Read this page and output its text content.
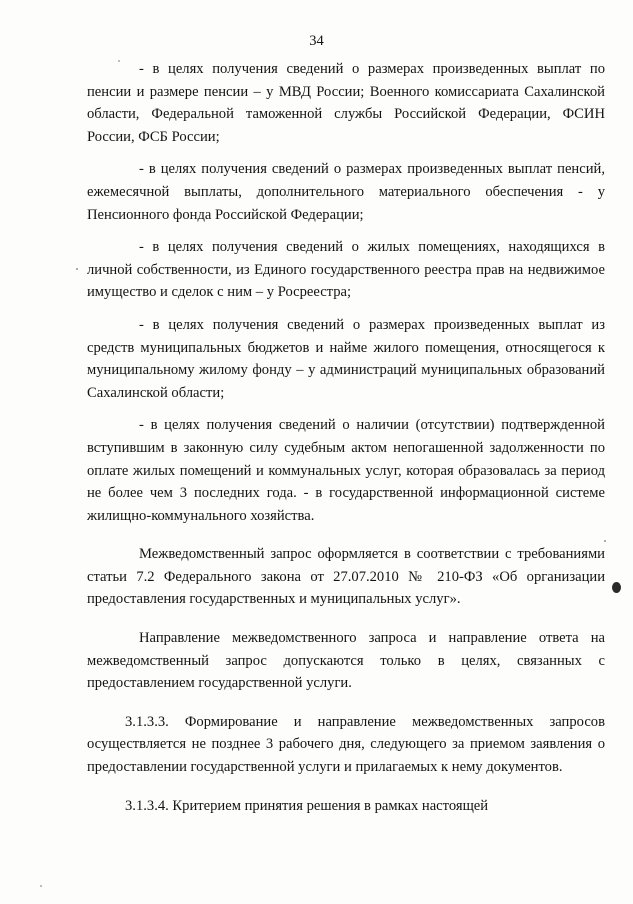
34

- в целях получения сведений о размерах произведенных выплат по пенсии и размере пенсии – у МВД России; Военного комиссариата Сахалинской области, Федеральной таможенной службы Российской Федерации, ФСИН России, ФСБ России;

- в целях получения сведений о размерах произведенных выплат пенсий, ежемесячной выплаты, дополнительного материального обеспечения - у Пенсионного фонда Российской Федерации;

- в целях получения сведений о жилых помещениях, находящихся в личной собственности, из Единого государственного реестра прав на недвижимое имущество и сделок с ним – у Росреестра;

- в целях получения сведений о размерах произведенных выплат из средств муниципальных бюджетов и найме жилого помещения, относящегося к муниципальному жилому фонду – у администраций муниципальных образований Сахалинской области;

- в целях получения сведений о наличии (отсутствии) подтвержденной вступившим в законную силу судебным актом непогашенной задолженности по оплате жилых помещений и коммунальных услуг, которая образовалась за период не более чем 3 последних года. - в государственной информационной системе жилищно-коммунального хозяйства.

Межведомственный запрос оформляется в соответствии с требованиями статьи 7.2 Федерального закона от 27.07.2010 № 210-ФЗ «Об организации предоставления государственных и муниципальных услуг».

Направление межведомственного запроса и направление ответа на межведомственный запрос допускаются только в целях, связанных с предоставлением государственной услуги.

3.1.3.3. Формирование и направление межведомственных запросов осуществляется не позднее 3 рабочего дня, следующего за приемом заявления о предоставлении государственной услуги и прилагаемых к нему документов.

3.1.3.4. Критерием принятия решения в рамках настоящей
